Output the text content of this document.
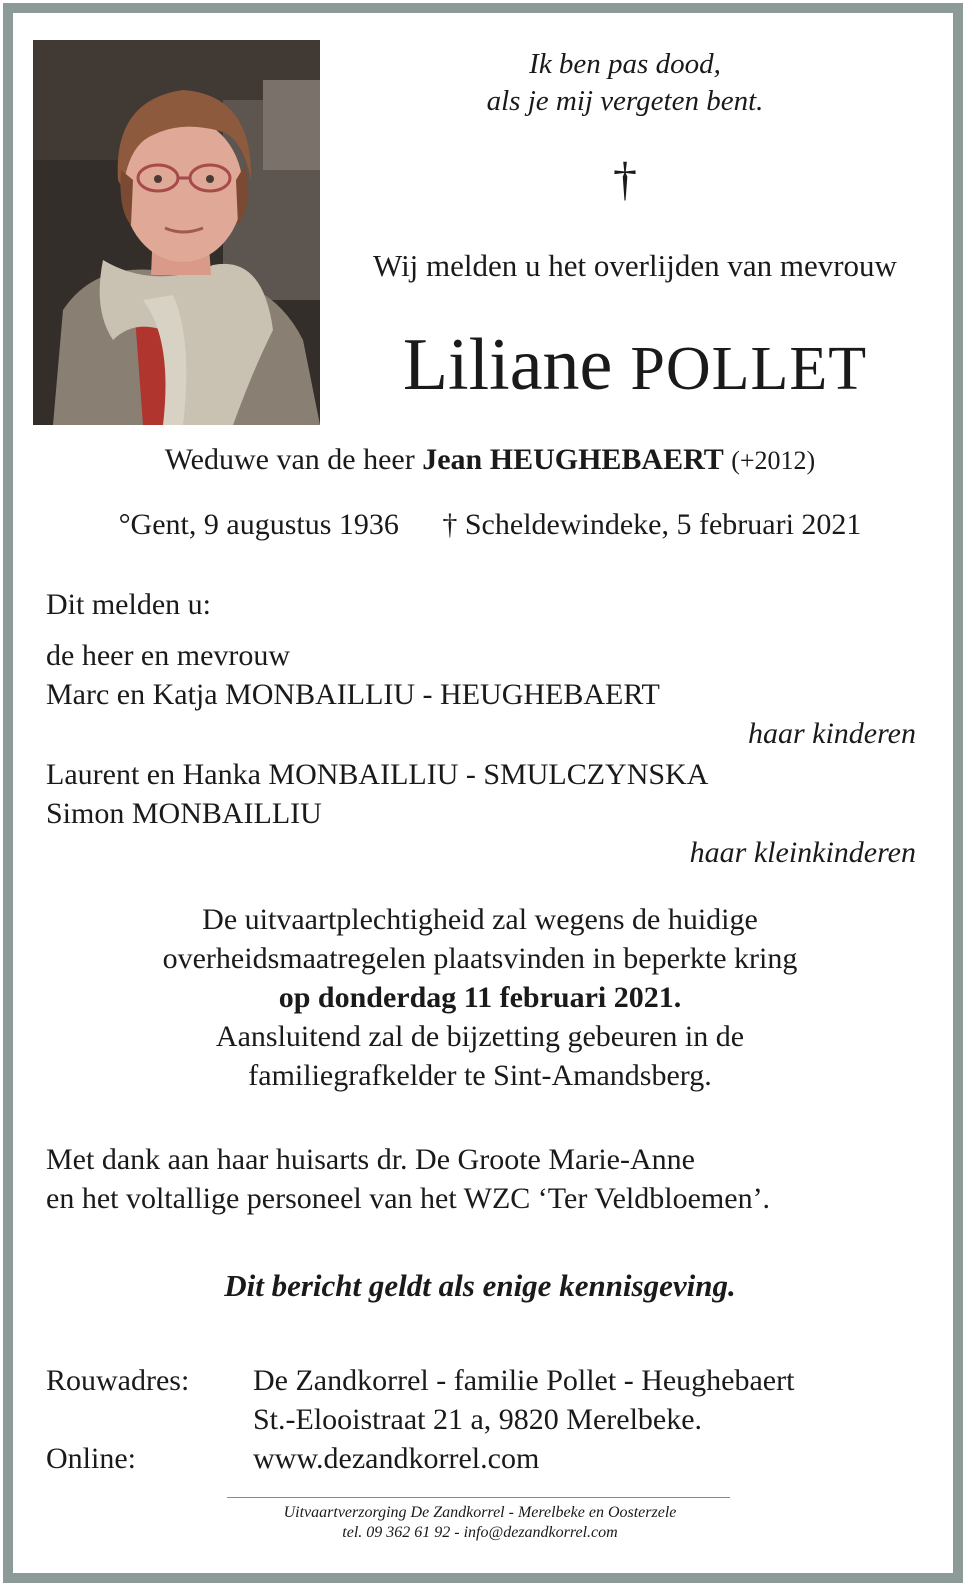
Ik ben pas dood,
als je mij vergeten bent.
†
Wij melden u het overlijden van mevrouw
Liliane POLLET
Weduwe van de heer Jean HEUGHEBAERT (+2012)
°Gent, 9 augustus 1936 † Scheldewindeke, 5 februari 2021
Dit melden u:
de heer en mevrouw
Marc en Katja MONBAILLIU - HEUGHEBAERT
haar kinderen
Laurent en Hanka MONBAILLIU - SMULCZYNSKA
Simon MONBAILLIU
haar kleinkinderen
De uitvaartplechtigheid zal wegens de huidige
overheidsmaatregelen plaatsvinden in beperkte kring
op donderdag 11 februari 2021.
Aansluitend zal de bijzetting gebeuren in de
familiegrafkelder te Sint-Amandsberg.
Met dank aan haar huisarts dr. De Groote Marie-Anne
en het voltallige personeel van het WZC ‘Ter Veldbloemen’.
Dit bericht geldt als enige kennisgeving.
Rouwadres: De Zandkorrel - familie Pollet - Heughebaert
St.-Elooistraat 21 a, 9820 Merelbeke.
Online:	www.dezandkorrel.com
Uitvaartverzorging De Zandkorrel - Merelbeke en Oosterzele
tel. 09 362 61 92 - info@dezandkorrel.com
